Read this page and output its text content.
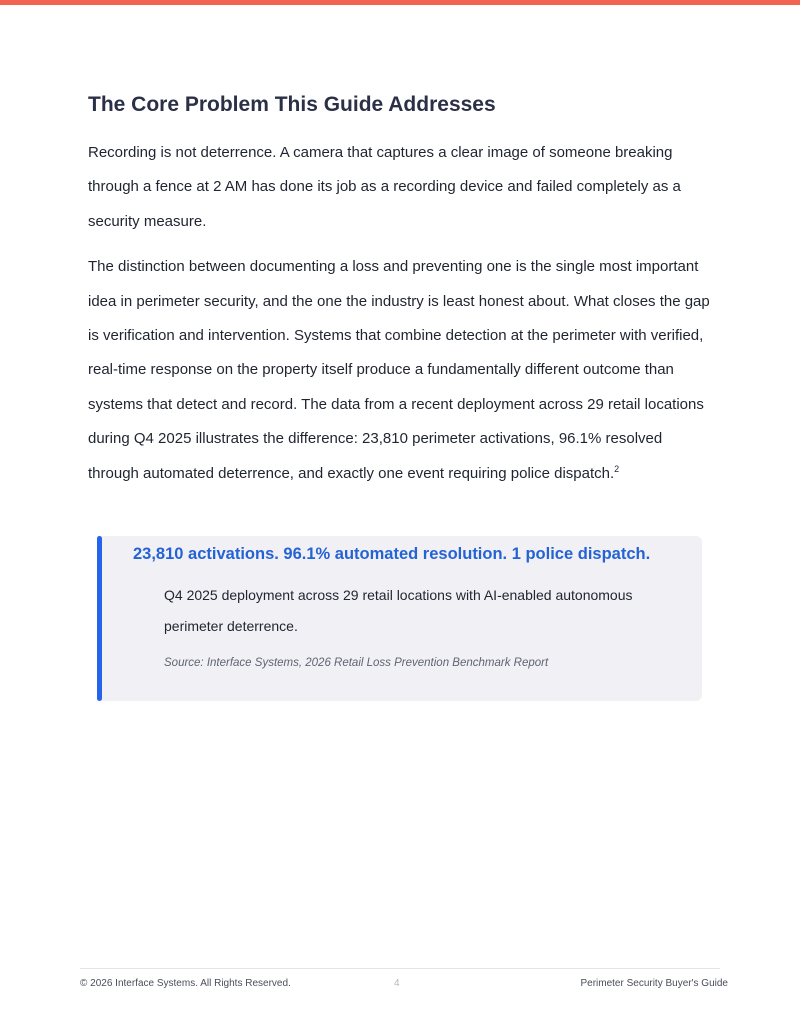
The Core Problem This Guide Addresses

Recording is not deterrence. A camera that captures a clear image of someone breaking through a fence at 2 AM has done its job as a recording device and failed completely as a security measure.

The distinction between documenting a loss and preventing one is the single most important idea in perimeter security, and the one the industry is least honest about. What closes the gap is verification and intervention. Systems that combine detection at the perimeter with verified, real-time response on the property itself produce a fundamentally different outcome than systems that detect and record. The data from a recent deployment across 29 retail locations during Q4 2025 illustrates the difference: 23,810 perimeter activations, 96.1% resolved through automated deterrence, and exactly one event requiring police dispatch.$^2$

23,810 activations. 96.1% automated resolution. 1 police dispatch.

Q4 2025 deployment across 29 retail locations with AI-enabled autonomous perimeter deterrence.

Source: Interface Systems, 2026 Retail Loss Prevention Benchmark Report

© 2026 Interface Systems. All Rights Reserved.	4	Perimeter Security Buyer's Guide
